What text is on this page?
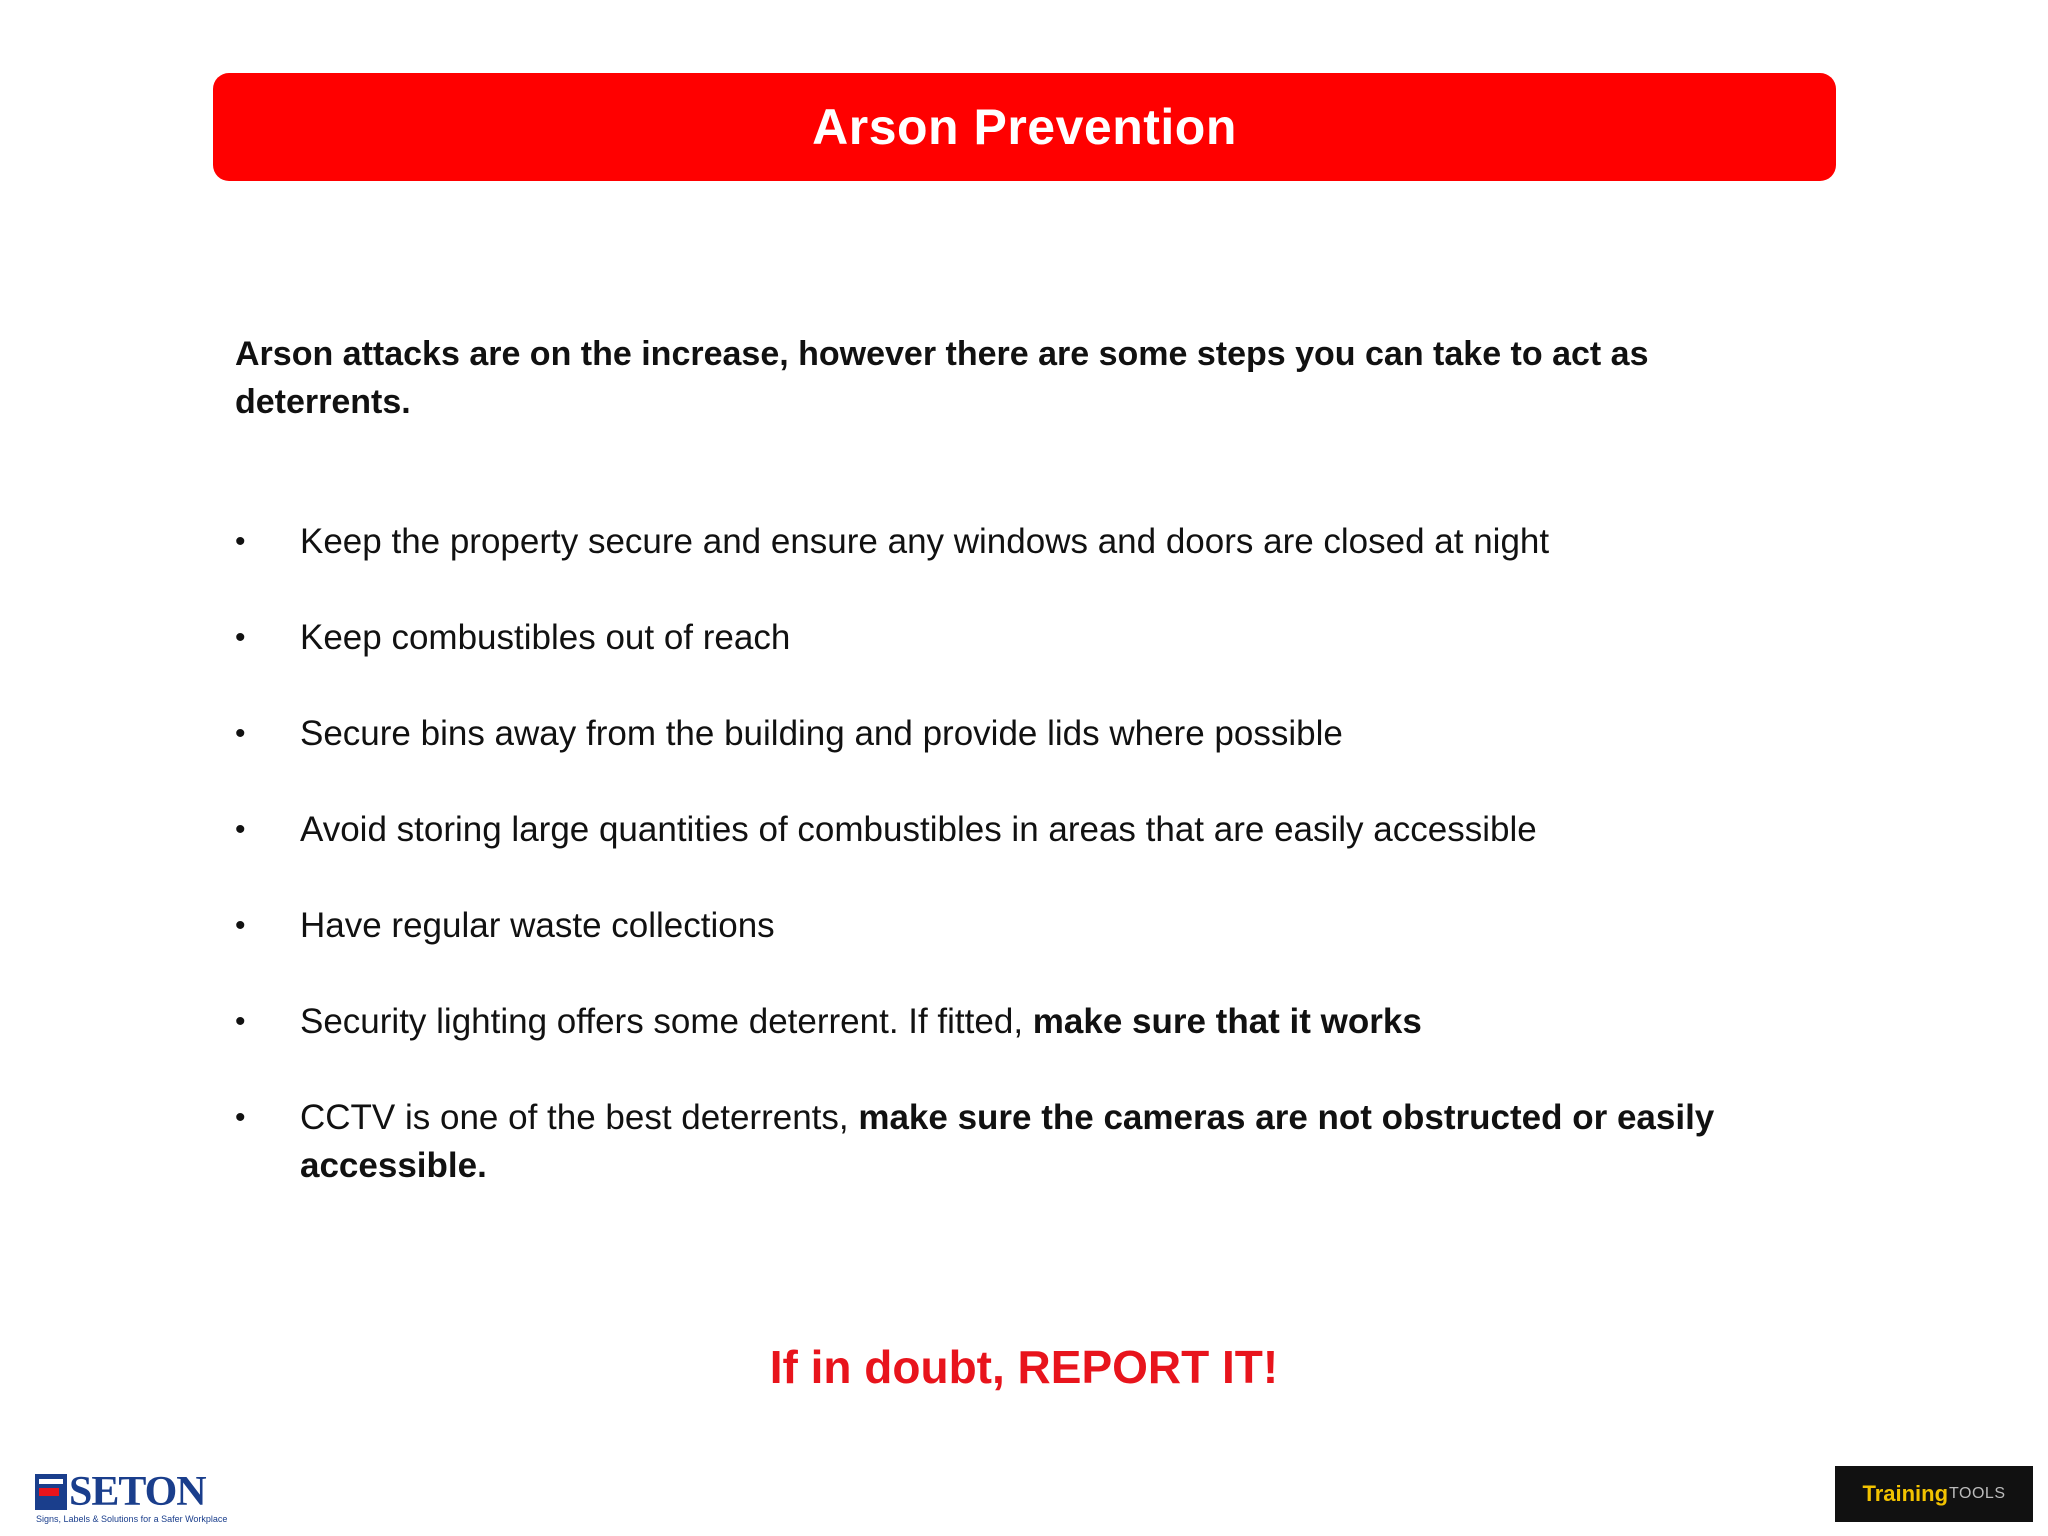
Arson Prevention

Arson attacks are on the increase, however there are some steps you can take to act as deterrents.

• Keep the property secure and ensure any windows and doors are closed at night
• Keep combustibles out of reach
• Secure bins away from the building and provide lids where possible
• Avoid storing large quantities of combustibles in areas that are easily accessible
• Have regular waste collections
• Security lighting offers some deterrent. If fitted, make sure that it works
• CCTV is one of the best deterrents, make sure the cameras are not obstructed or easily accessible.

If in doubt, REPORT IT!

SETON
Signs, Labels & Solutions for a Safer Workplace
Training TOOLS
